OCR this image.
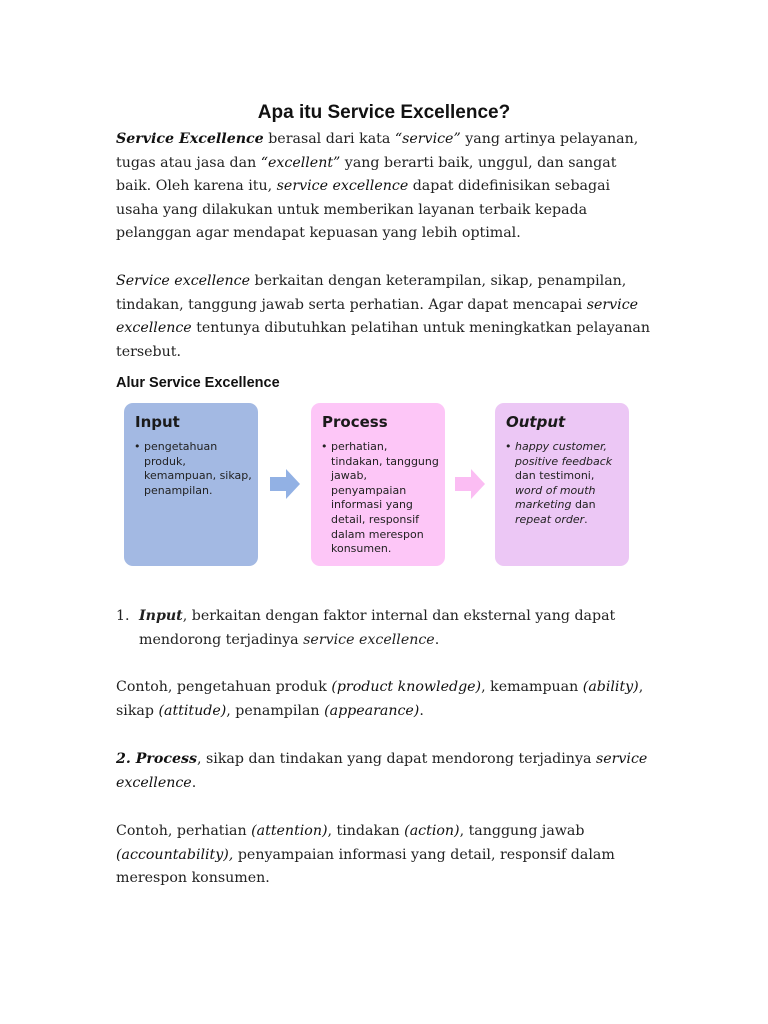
Apa itu Service Excellence?

Service Excellence berasal dari kata “service” yang artinya pelayanan, tugas atau jasa dan “excellent” yang berarti baik, unggul, dan sangat baik. Oleh karena itu, service excellence dapat didefinisikan sebagai usaha yang dilakukan untuk memberikan layanan terbaik kepada pelanggan agar mendapat kepuasan yang lebih optimal.

Service excellence berkaitan dengan keterampilan, sikap, penampilan, tindakan, tanggung jawab serta perhatian. Agar dapat mencapai service excellence tentunya dibutuhkan pelatihan untuk meningkatkan pelayanan tersebut.

Alur Service Excellence
1. Input, berkaitan dengan faktor internal dan eksternal yang dapat mendorong terjadinya service excellence.

Contoh, pengetahuan produk (product knowledge), kemampuan (ability), sikap (attitude), penampilan (appearance).

2. Process, sikap dan tindakan yang dapat mendorong terjadinya service excellence.

Contoh, perhatian (attention), tindakan (action), tanggung jawab (accountability), penyampaian informasi yang detail, responsif dalam merespon konsumen.

Input
• pengetahuan produk, kemampuan, sikap, penampilan.
Process
• perhatian, tindakan, tanggung jawab, penyampaian informasi yang detail, responsif dalam merespon konsumen.
Output
• happy customer, positive feedback dan testimoni, word of mouth marketing dan repeat order.
